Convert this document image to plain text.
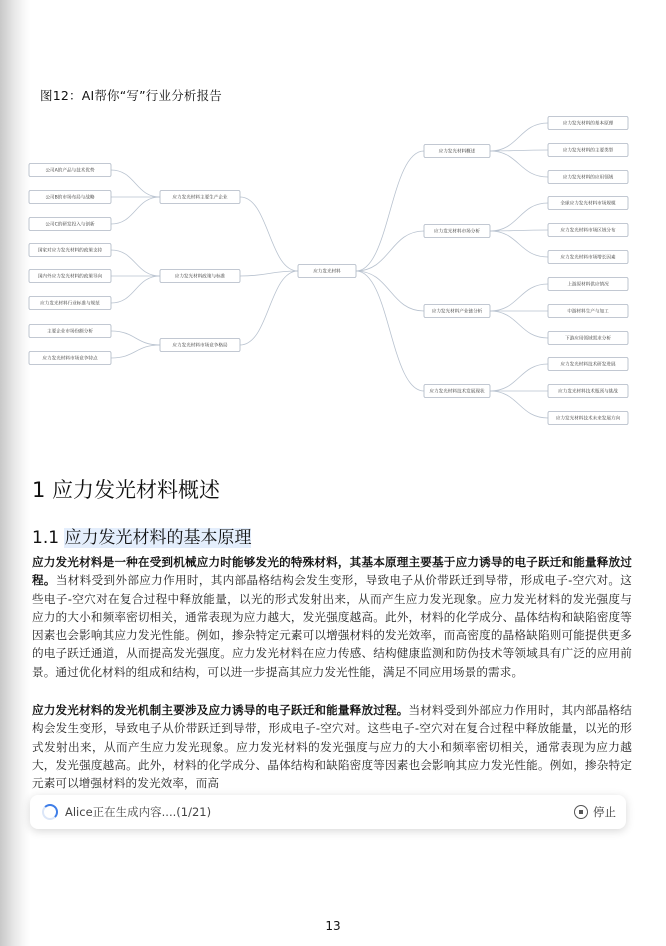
图12：AI帮你“写”行业分析报告
应力发光材料
应力发光材料概述
应力发光材料的基本原理
应力发光材料的主要类型
应力发光材料的应用领域
应力发光材料市场分析
全球应力发光材料市场规模
应力发光材料市场区域分布
应力发光材料市场增长因素
应力发光材料产业链分析
上游原材料供应情况
中游材料生产与加工
下游应用领域需求分析
应力发光材料技术发展现状
应力发光材料技术研发进展
应力发光材料技术瓶颈与挑战
应力发光材料技术未来发展方向
应力发光材料主要生产企业
公司A的产品与技术优势
公司B的市场布局与战略
公司C的研发投入与创新
应力发光材料政策与标准
国家对应力发光材料的政策支持
国内外应力发光材料的政策导向
应力发光材料行业标准与规范
应力发光材料市场竞争格局
主要企业市场份额分析
应力发光材料市场竞争特点
1 应力发光材料概述
1.1 应力发光材料的基本原理
应力发光材料是一种在受到机械应力时能够发光的特殊材料，其基本原理主要基于应力诱导的电子跃迁和能量释放过程。当材料受到外部应力作用时，其内部晶格结构会发生变形，导致电子从价带跃迁到导带，形成电子-空穴对。这些电子-空穴对在复合过程中释放能量，以光的形式发射出来，从而产生应力发光现象。应力发光材料的发光强度与应力的大小和频率密切相关，通常表现为应力越大，发光强度越高。此外，材料的化学成分、晶体结构和缺陷密度等因素也会影响其应力发光性能。例如，掺杂特定元素可以增强材料的发光效率，而高密度的晶格缺陷则可能提供更多的电子跃迁通道，从而提高发光强度。应力发光材料在应力传感、结构健康监测和防伪技术等领域具有广泛的应用前景。通过优化材料的组成和结构，可以进一步提高其应力发光性能，满足不同应用场景的需求。
应力发光材料的发光机制主要涉及应力诱导的电子跃迁和能量释放过程。当材料受到外部应力作用时，其内部晶格结构会发生变形，导致电子从价带跃迁到导带，形成电子-空穴对。这些电子-空穴对在复合过程中释放能量，以光的形式发射出来，从而产生应力发光现象。应力发光材料的发光强度与应力的大小和频率密切相关，通常表现为应力越大，发光强度越高。此外，材料的化学成分、晶体结构和缺陷密度等因素也会影响其应力发光性能。例如，掺杂特定元素可以增强材料的发光效率，而高
Alice正在生成内容....(1/21)	停止
13
